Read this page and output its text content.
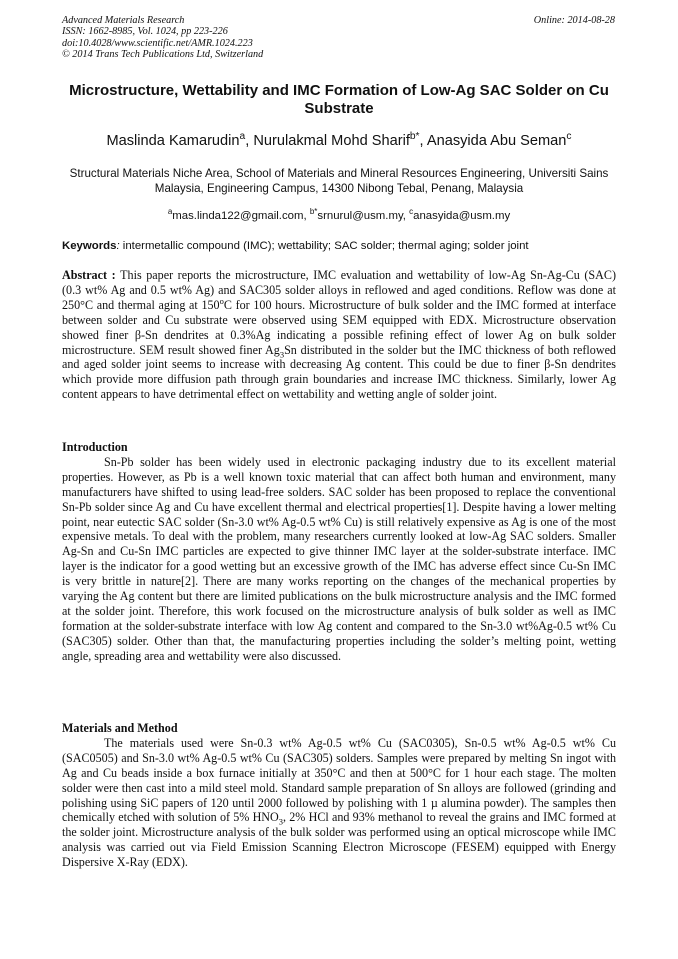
Advanced Materials Research
ISSN: 1662-8985, Vol. 1024, pp 223-226
doi:10.4028/www.scientific.net/AMR.1024.223
© 2014 Trans Tech Publications Ltd, Switzerland
Online: 2014-08-28
Microstructure, Wettability and IMC Formation of Low-Ag SAC Solder on Cu Substrate
Maslinda Kamarudin$^a$, Nurulakmal Mohd Sharif$^{b*}$, Anasyida Abu Seman$^c$
Structural Materials Niche Area, School of Materials and Mineral Resources Engineering, Universiti Sains Malaysia, Engineering Campus, 14300 Nibong Tebal, Penang, Malaysia
$^a$mas.linda122@gmail.com, $^{b*}$srnurul@usm.my, $^c$anasyida@usm.my
Keywords: intermetallic compound (IMC); wettability; SAC solder; thermal aging; solder joint

Abstract : This paper reports the microstructure, IMC evaluation and wettability of low-Ag Sn-Ag-Cu (SAC) (0.3 wt% Ag and 0.5 wt% Ag) and SAC305 solder alloys in reflowed and aged conditions. Reflow was done at 250°C and thermal aging at 150$^o$C for 100 hours. Microstructure of bulk solder and the IMC formed at interface between solder and Cu substrate were observed using SEM equipped with EDX. Microstructure observation showed finer β-Sn dendrites at 0.3%Ag indicating a possible refining effect of lower Ag on bulk solder microstructure. SEM result showed finer $Ag_3Sn$ distributed in the solder but the IMC thickness of both reflowed and aged solder joint seems to increase with decreasing Ag content. This could be due to finer β-Sn dendrites which provide more diffusion path through grain boundaries and increase IMC thickness. Similarly, lower Ag content appears to have detrimental effect on wettability and wetting angle of solder joint.

Introduction

Sn-Pb solder has been widely used in electronic packaging industry due to its excellent material properties. However, as Pb is a well known toxic material that can affect both human and environment, many manufacturers have shifted to using lead-free solders. SAC solder has been proposed to replace the conventional Sn-Pb solder since Ag and Cu have excellent thermal and electrical properties[1]. Despite having a lower melting point, near eutectic SAC solder (Sn-3.0 wt% Ag-0.5 wt% Cu) is still relatively expensive as Ag is one of the most expensive metals. To deal with the problem, many researchers currently looked at low-Ag SAC solders. Smaller Ag-Sn and Cu-Sn IMC particles are expected to give thinner IMC layer at the solder-substrate interface. IMC layer is the indicator for a good wetting but an excessive growth of the IMC has adverse effect since Cu-Sn IMC is very brittle in nature[2]. There are many works reporting on the changes of the mechanical properties by varying the Ag content but there are limited publications on the bulk microstructure analysis and the IMC formed at the solder joint. Therefore, this work focused on the microstructure analysis of bulk solder as well as IMC formation at the solder-substrate interface with low Ag content and compared to the Sn-3.0 wt%Ag-0.5 wt% Cu (SAC305) solder. Other than that, the manufacturing properties including the solder’s melting point, wetting angle, spreading area and wettability were also discussed.

Materials and Method

The materials used were Sn-0.3 wt% Ag-0.5 wt% Cu (SAC0305), Sn-0.5 wt% Ag-0.5 wt% Cu (SAC0505) and Sn-3.0 wt% Ag-0.5 wt% Cu (SAC305) solders. Samples were prepared by melting Sn ingot with Ag and Cu beads inside a box furnace initially at 350°C and then at 500°C for 1 hour each stage. The molten solder were then cast into a mild steel mold. Standard sample preparation of Sn alloys are followed (grinding and polishing using SiC papers of 120 until 2000 followed by polishing with 1 µ alumina powder). The samples then chemically etched with solution of 5% $HNO_3$, 2% HCl and 93% methanol to reveal the grains and IMC formed at the solder joint. Microstructure analysis of the bulk solder was performed using an optical microscope while IMC analysis was carried out via Field Emission Scanning Electron Microscope (FESEM) equipped with Energy Dispersive X-Ray (EDX).
